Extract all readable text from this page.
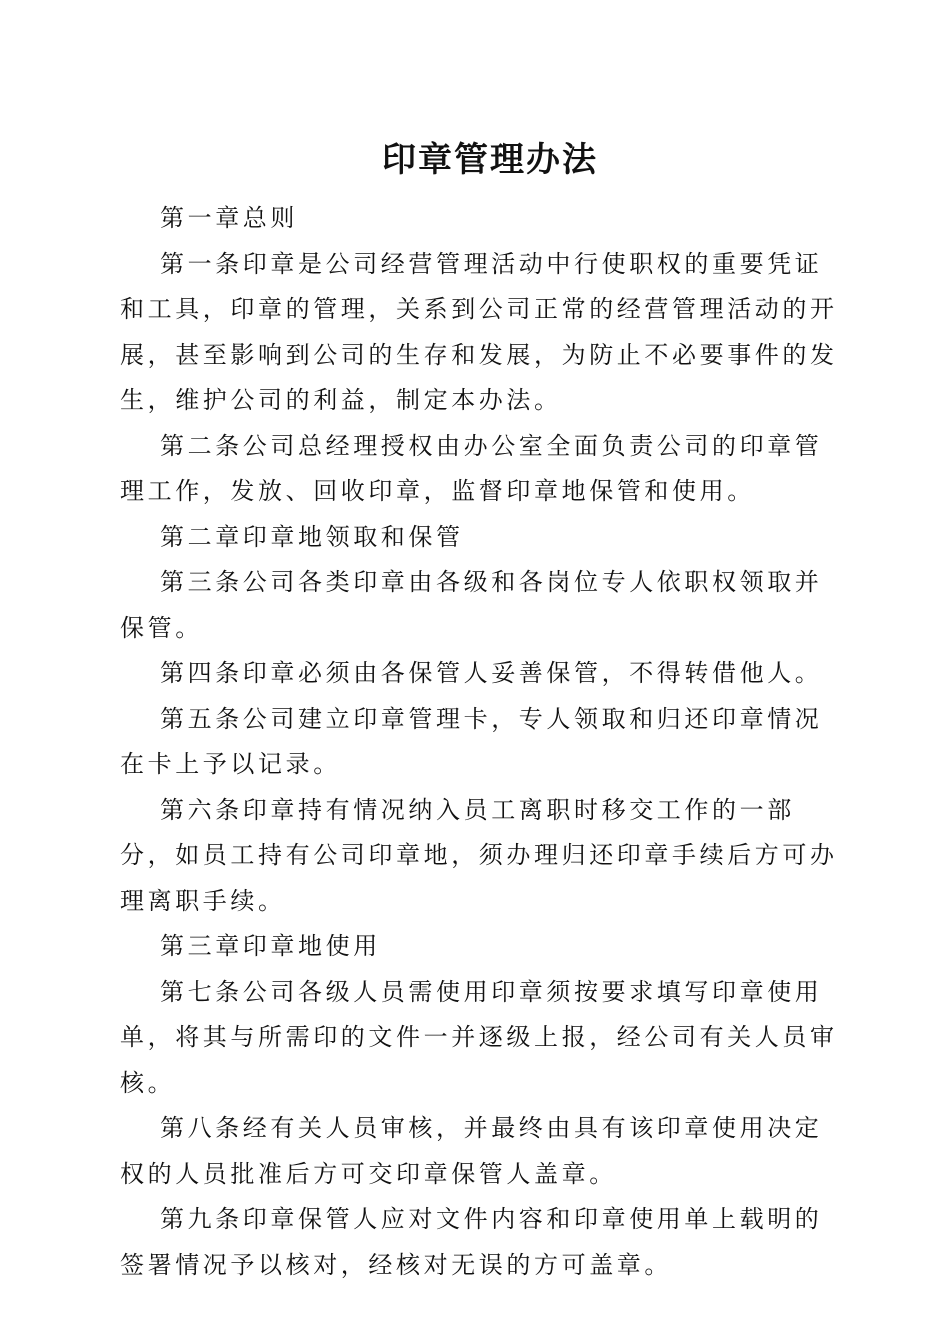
印章管理办法

第一章总则

第一条印章是公司经营管理活动中行使职权的重要凭证和工具，印章的管理，关系到公司正常的经营管理活动的开展，甚至影响到公司的生存和发展，为防止不必要事件的发生，维护公司的利益，制定本办法。

第二条公司总经理授权由办公室全面负责公司的印章管理工作，发放、回收印章，监督印章地保管和使用。

第二章印章地领取和保管

第三条公司各类印章由各级和各岗位专人依职权领取并保管。

第四条印章必须由各保管人妥善保管，不得转借他人。

第五条公司建立印章管理卡，专人领取和归还印章情况在卡上予以记录。

第六条印章持有情况纳入员工离职时移交工作的一部分，如员工持有公司印章地，须办理归还印章手续后方可办理离职手续。

第三章印章地使用

第七条公司各级人员需使用印章须按要求填写印章使用单，将其与所需印的文件一并逐级上报，经公司有关人员审核。

第八条经有关人员审核，并最终由具有该印章使用决定权的人员批准后方可交印章保管人盖章。

第九条印章保管人应对文件内容和印章使用单上载明的签署情况予以核对，经核对无误的方可盖章。
